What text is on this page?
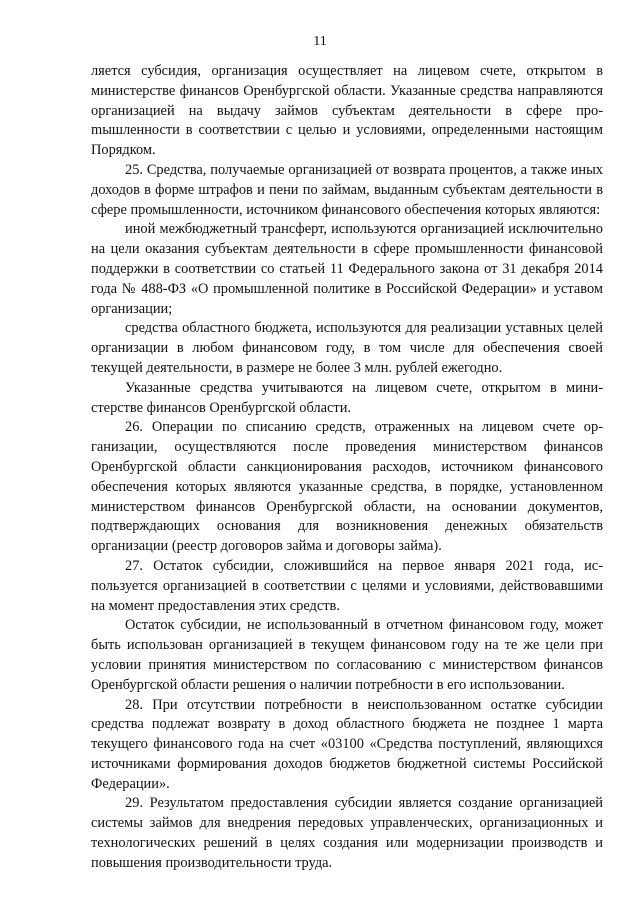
11

ляется субсидия, организация осуществляет на лицевом счете, открытом в министерстве финансов Оренбургской области. Указанные средства направляются организацией на выдачу займов субъектам деятельности в сфере проmышленности в соответствии с целью и условиями, определенными настоящим Порядком.

25. Средства, получаемые организацией от возврата процентов, а также иных доходов в форме штрафов и пени по займам, выданным субъектам деятельности в сфере промышленности, источником финансового обеспечения которых являются:

иной межбюджетный трансферт, используются организацией исключительно на цели оказания субъектам деятельности в сфере промышленности финансовой поддержки в соответствии со статьей 11 Федерального закона от 31 декабря 2014 года № 488-ФЗ «О промышленной политике в Российской Федерации» и уставом организации;

средства областного бюджета, используются для реализации уставных целей организации в любом финансовом году, в том числе для обеспечения своей текущей деятельности, в размере не более 3 млн. рублей ежегодно.

Указанные средства учитываются на лицевом счете, открытом в министерстве финансов Оренбургской области.

26. Операции по списанию средств, отраженных на лицевом счете организации, осуществляются после проведения министерством финансов Оренбургской области санкционирования расходов, источником финансового обеспечения которых являются указанные средства, в порядке, установленном министерством финансов Оренбургской области, на основании документов, подтверждающих основания для возникновения денежных обязательств организации (реестр договоров займа и договоры займа).

27. Остаток субсидии, сложившийся на первое января 2021 года, используется организацией в соответствии с целями и условиями, действовавшими на момент предоставления этих средств.

Остаток субсидии, не использованный в отчетном финансовом году, может быть использован организацией в текущем финансовом году на те же цели при условии принятия министерством по согласованию с министерством финансов Оренбургской области решения о наличии потребности в его использовании.

28. При отсутствии потребности в неиспользованном остатке субсидии средства подлежат возврату в доход областного бюджета не позднее 1 марта текущего финансового года на счет «03100 «Средства поступлений, являющихся источниками формирования доходов бюджетов бюджетной системы Российской Федерации».

29. Результатом предоставления субсидии является создание организацией системы займов для внедрения передовых управленческих, организационных и технологических решений в целях создания или модернизации производств и повышения производительности труда.
